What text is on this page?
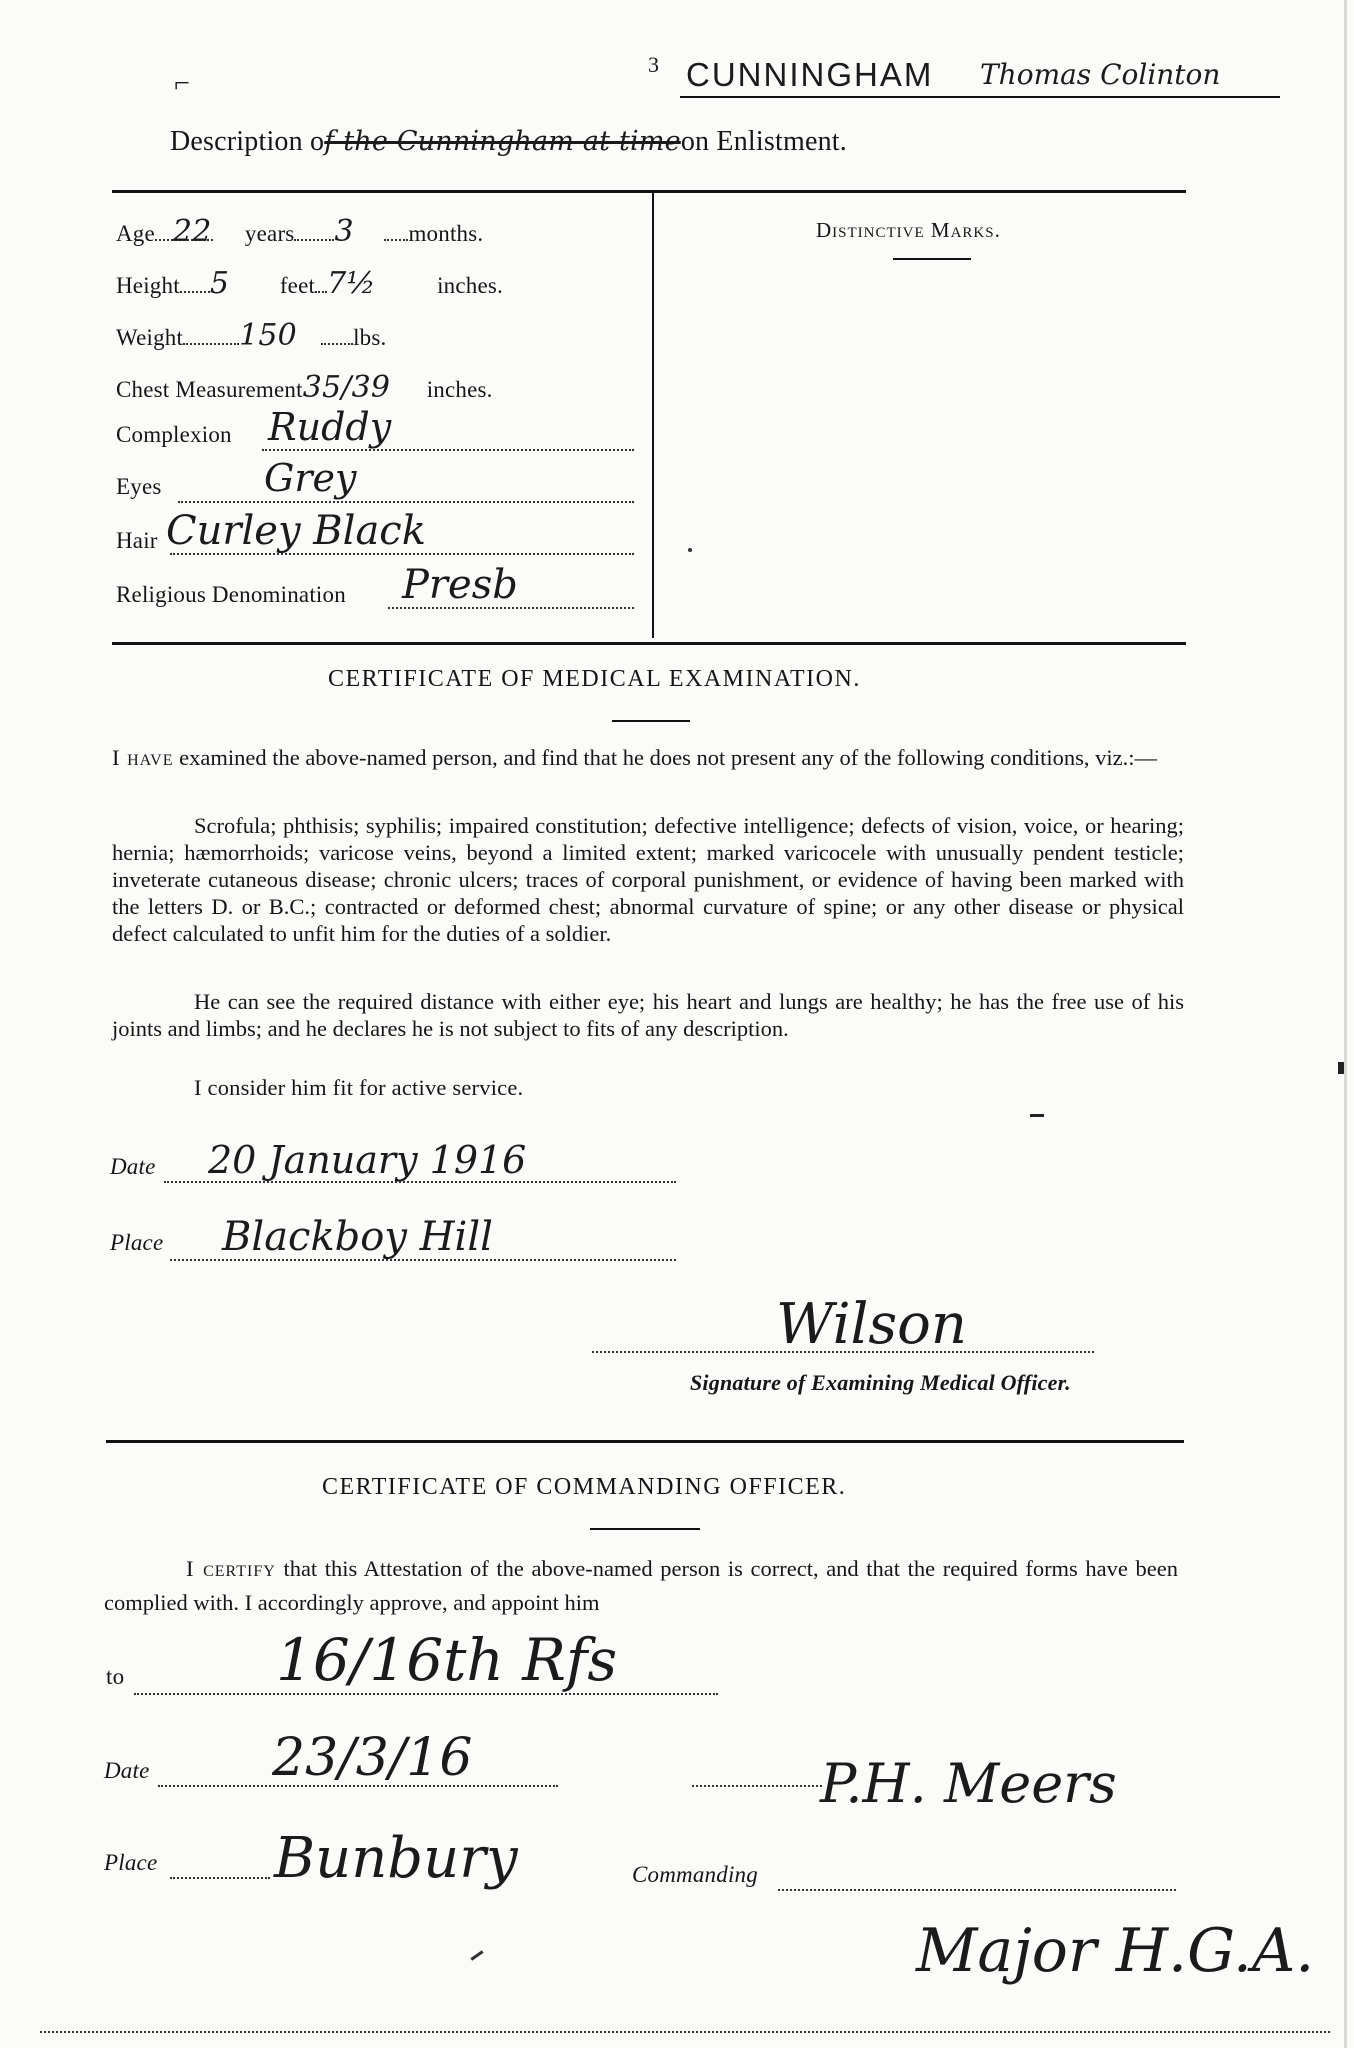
3 CUNNINGHAM Thomas Colinton
⌐
Description of the Cunningham at timeon Enlistment.
Age 22 years 3 months.
Height 5 feet 7½	inches.
Weight 150 lbs.
Chest Measurement35/39 inches.
Complexion Ruddy
Eyes	Grey
Hair Curley Black
Religious Denomination Presb
Distinctive Marks.
CERTIFICATE OF MEDICAL EXAMINATION.
I have examined the above-named person, and find that he does not present any of the following conditions, viz.:—
Scrofula; phthisis; syphilis; impaired constitution; defective intelligence; defects of vision, voice, or hearing; hernia; hæmorrhoids; varicose veins, beyond a limited extent; marked varicocele with unusually pendent testicle; inveterate cutaneous disease; chronic ulcers; traces of corporal punishment, or evidence of having been marked with the letters D. or B.C.; contracted or deformed chest; abnormal curvature of spine; or any other disease or physical defect calculated to unfit him for the duties of a soldier.
He can see the required distance with either eye; his heart and lungs are healthy; he has the free use of his joints and limbs; and he declares he is not subject to fits of any description.
I consider him fit for active service.
Date 20 January 1916
Place Blackboy Hill
Wilson
Signature of Examining Medical Officer.
CERTIFICATE OF COMMANDING OFFICER.
I certify that this Attestation of the above-named person is correct, and that the required forms have been complied with. I accordingly approve, and appoint him
to	16/16th Rfs
Date 23/3/16	P.H. Meers
Place Bunbury	Commanding
Major H.G.A.
